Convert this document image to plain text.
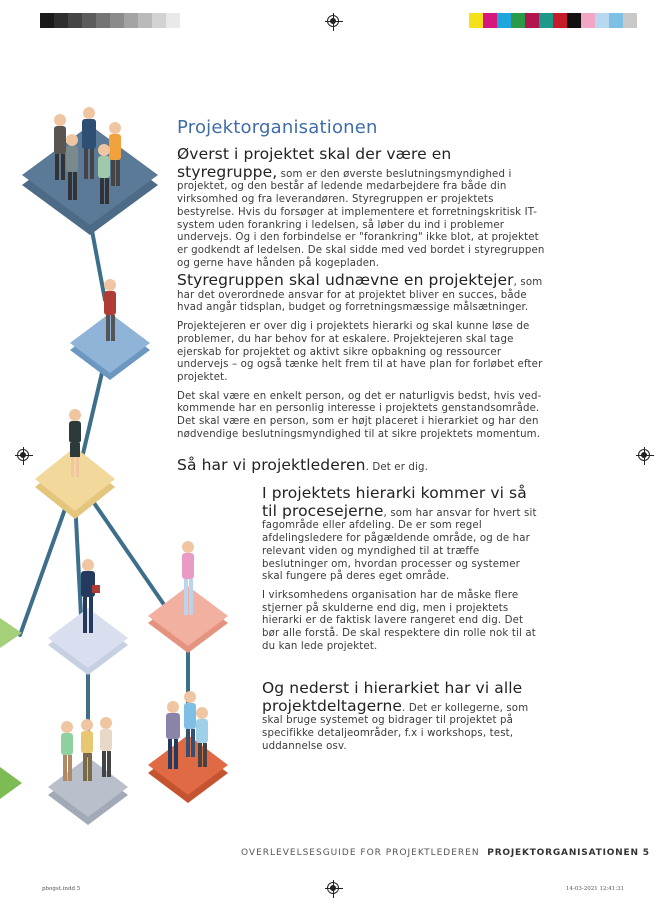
Projektorganisationen

Øverst i projektet skal der være en styregruppe, som er den øverste beslutningsmyndighed i projektet, og den består af ledende medarbejdere fra både din virksomhed og fra leverandøren. Styregruppen er projektets bestyrelse. Hvis du forsøger at implementere et forretningskritisk IT-system uden forankring i ledelsen, så løber du ind i problemer undervejs. Og i den forbindelse er "forankring" ikke blot, at projektet er godkendt af ledelsen. De skal sidde med ved bordet i styregruppen og gerne have hånden på kogepladen.

Styregruppen skal udnævne en projektejer, som har det overordnede ansvar for at projektet bliver en succes, både hvad angår tidsplan, budget og forretningsmæssige målsætninger.

Projektejeren er over dig i projektets hierarki og skal kunne løse de problemer, du har behov for at eskalere. Projektejeren skal tage ejerskab for projektet og aktivt sikre opbakning og ressourcer undervejs – og også tænke helt frem til at have plan for forløbet efter projektet.

Det skal være en enkelt person, og det er naturligvis bedst, hvis ved-kommende har en personlig interesse i projektets genstandsområde. Det skal være en person, som er højt placeret i hierarkiet og har den nødvendige beslutningsmyndighed til at sikre projektets momentum.

Så har vi projektlederen. Det er dig.

I projektets hierarki kommer vi så til procesejerne, som har ansvar for hvert sit fagområde eller afdeling. De er som regel afdelingsledere for pågældende område, og de har relevant viden og myndighed til at træffe beslutninger om, hvordan processer og systemer skal fungere på deres eget område.

I virksomhedens organisation har de måske flere stjerner på skulderne end dig, men i projektets hierarki er de faktisk lavere rangeret end dig. Det bør alle forstå. De skal respektere din rolle nok til at du kan lede projektet.

Og nederst i hierarkiet har vi alle projektdeltagerne. Det er kollegerne, som skal bruge systemet og bidrager til projektet på specifikke detaljeområder, f.x i workshops, test, uddannelse osv.

OVERLEVELSESGUIDE FOR PROJEKTLEDEREN PROJEKTORGANISATIONEN 5
pbogst.indd 5	14-03-2021 12:41:31
